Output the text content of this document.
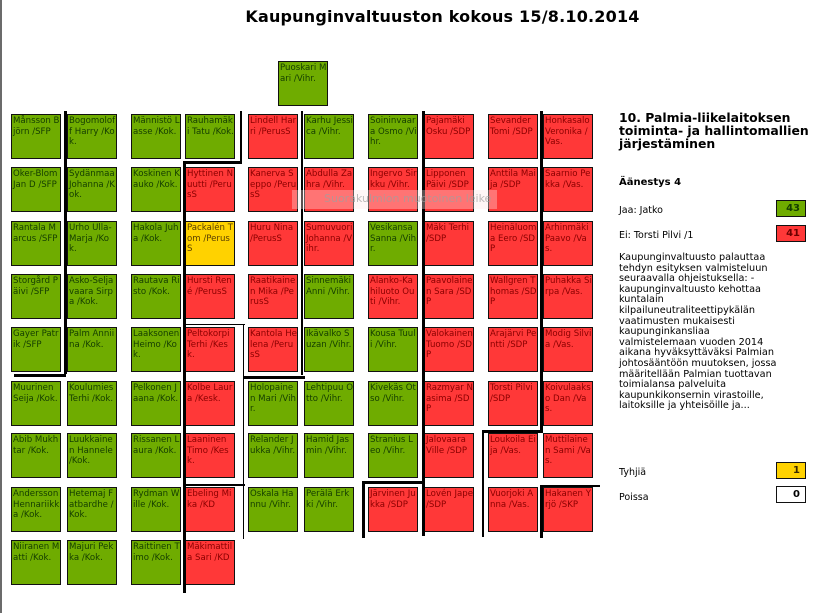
Kaupunginvaltuuston kokous 15/8.10.2014
Puoskari Mari /Vihr.
Månsson Björn /SFP
Bogomoloff Harry /Kok.
Männistö Lasse /Kok.
Rauhamäki Tatu /Kok.
Lindell Harri /PerusS
Karhu Jessica /Vihr.
Soininvaara Osmo /Vihr.
Pajamäki Osku /SDP
Sevander Tomi /SDP
Honkasalo Veronika /Vas.
Oker-Blom Jan D /SFP
Sydänmaa Johanna /Kok.
Koskinen Kauko /Kok.
Hyttinen Nuutti /PerusS
Kanerva Seppo /PerusS
Abdulla Zahra /Vihr.
Ingervo Sirkku /Vihr.
Lipponen Päivi /SDP
Anttila Maija /SDP
Saarnio Pekka /Vas.
Rantala Marcus /SFP
Urho Ulla-Marja /Kok.
Hakola Juha /Kok.
Packalén Tom /PerusS
Huru Nina /PerusS
Sumuvuori Johanna /Vihr.
Vesikansa Sanna /Vihr.
Mäki Terhi /SDP
Heinäluoma Eero /SDP
Arhinmäki Paavo /Vas.
Storgård Päivi /SFP
Asko-Seljavaara Sirpa /Kok.
Rautava Risto /Kok.
Hursti René /PerusS
Raatikainen Mika /PerusS
Sinnemäki Anni /Vihr.
Alanko-Kahiluoto Outi /Vihr.
Paavolainen Sara /SDP
Wallgren Thomas /SDP
Puhakka Sirpa /Vas.
Gayer Patrik /SFP
Palm Anniina /Kok.
Laaksonen Heimo /Kok.
Peltokorpi Terhi /Kesk.
Kantola Helena /PerusS
Ikävalko Suzan /Vihr.
Kousa Tuuli /Vihr.
Valokainen Tuomo /SDP
Arajärvi Pentti /SDP
Modig Silvia /Vas.
Muurinen Seija /Kok.
Koulumies Terhi /Kok.
Pelkonen Jaana /Kok.
Kolbe Laura /Kesk.
Holopainen Mari /Vihr.
Lehtipuu Otto /Vihr.
Kivekäs Otso /Vihr.
Razmyar Nasima /SDP
Torsti Pilvi /SDP
Koivulaakso Dan /Vas.
Abib Mukhtar /Kok.
Luukkainen Hannele /Kok.
Rissanen Laura /Kok.
Laaninen Timo /Kesk.
Relander Jukka /Vihr.
Hamid Jasmin /Vihr.
Stranius Leo /Vihr.
Jalovaara Ville /SDP
Loukoila Eija /Vas.
Muttilainen Sami /Vas.
Andersson Hennariikka /Kok.
Hetemaj Fatbardhe /Kok.
Rydman Wille /Kok.
Ebeling Mika /KD
Oskala Hannu /Vihr.
Perälä Erkki /Vihr.
Järvinen Jukka /SDP
Lovén Jape /SDP
Vuorjoki Anna /Vas.
Hakanen Yrjö /SKP
Niiranen Matti /Kok.
Majuri Pekka /Kok.
Raittinen Timo /Kok.
Mäkimattila Sari /KD
Suorakulmion muotoinen leike
10. Palmia-liikelaitoksen toiminta- ja hallintomallien järjestäminen
Äänestys 4
Jaa: Jatko	43
Ei: Torsti Pilvi /1	41
Kaupunginvaltuusto palauttaa tehdyn esityksen valmisteluun seuraavalla ohjeistuksella: -kaupunginvaltuusto kehottaa kuntalain kilpailuneutraliteettipykälän vaatimusten mukaisesti kaupunginkansliaa valmistelemaan vuoden 2014 aikana hyväksyttäväksi Palmian johtosääntöön muutoksen, jossa määritellään Palmian tuottavan toimialansa palveluita kaupunkikonsernin virastoille, laitoksille ja yhteisöille ja...
Tyhjiä	1
Poissa	0
